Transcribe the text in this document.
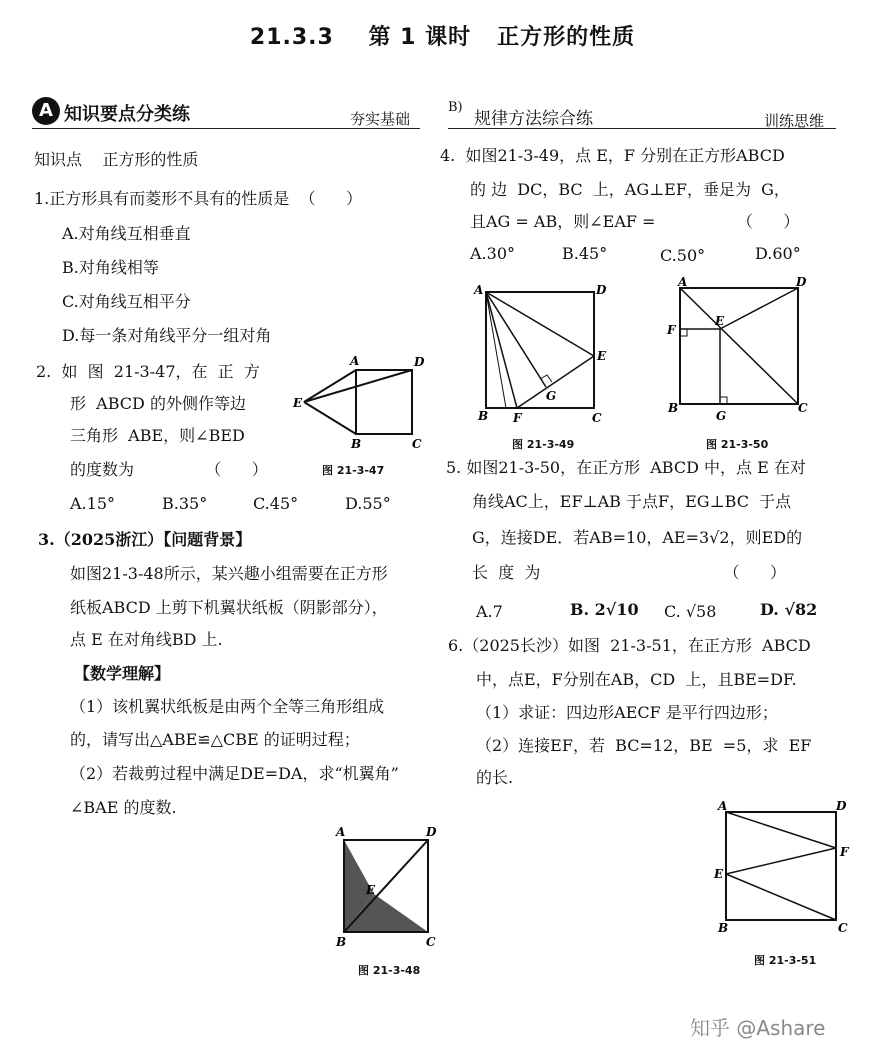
21.3.3    第 1 课时   正方形的性质
A 知识要点分类练	夯实基础
B)
规律方法综合练	训练思维
知识点    正方形的性质
1.正方形具有而菱形不具有的性质是  （      ）
A.对角线互相垂直
B.对角线相等
C.对角线互相平分
D.每一条对角线平分一组对角
2.  如  图  21-3-47，在  正  方
形  ABCD 的外侧作等边
三角形  ABE，则∠BED
的度数为              （      ）
A.15°	B.35°	C.45°	D.55°
A	D
E
B	C
图 21-3-47
3.（2025浙江）【问题背景】
如图21-3-48所示，某兴趣小组需要在正方形
纸板ABCD 上剪下机翼状纸板（阴影部分），
点 E 在对角线BD 上.
【数学理解】
（1）该机翼状纸板是由两个全等三角形组成
的，请写出△ABE≌△CBE 的证明过程；
（2）若裁剪过程中满足DE=DA，求“机翼角”
∠BAE 的度数.
A	D
E
B	C
图 21-3-48
4.  如图21-3-49，点 E，F 分别在正方形ABCD
的 边  DC，BC  上，AG⊥EF，垂足为  G，
且AG = AB，则∠EAF =                （      ）
A.30°	B.45°	C.50°	D.60°
A	D
E
G
B F	C
图 21-3-49
A	D
F
E
B
G
C
图 21-3-50
5. 如图21-3-50，在正方形  ABCD 中，点 E 在对
角线AC上，EF⊥AB 于点F，EG⊥BC  于点
G，连接DE．若AB=10，AE=3√2，则ED的
长  度  为                                    （      ）
A.7	B. 2√10 C. √58	D. √82
6.（2025长沙）如图  21-3-51，在正方形  ABCD
中，点E，F分别在AB，CD  上，且BE=DF.
（1）求证：四边形AECF 是平行四边形；
（2）连接EF，若  BC=12，BE  =5，求  EF
的长.
A	D
F
E
B	C
图 21-3-51
知乎 @Ashare
